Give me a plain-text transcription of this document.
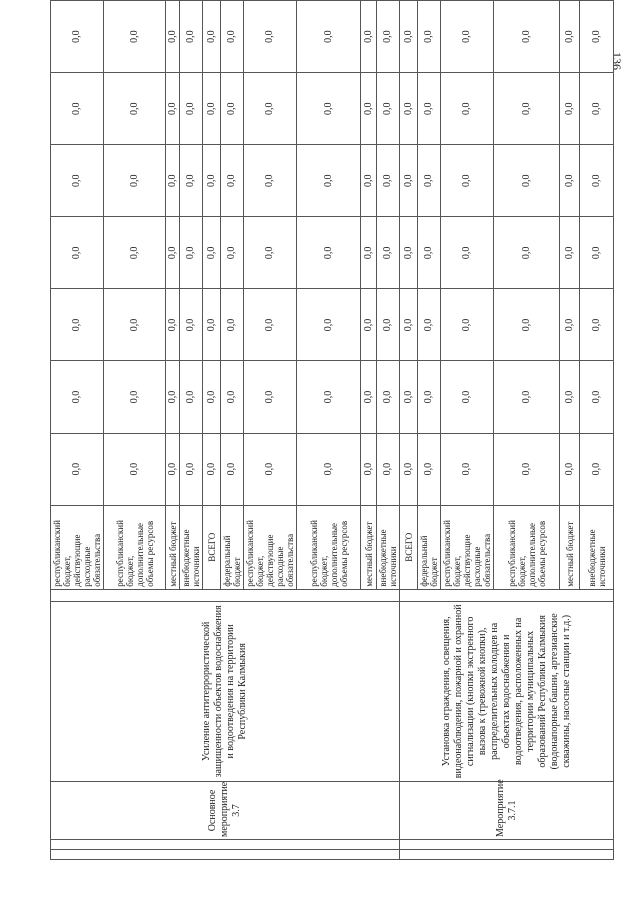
136
		Основное мероприятие 3.7	Усиление антитеррористической защищенности объектов водоснабжения и водоотведения на территории Республики Калмыкия		республиканский бюджет, действующие расходные обязательства	0,0	0,0	0,0	0,0	0,0	0,0	0,0
					республиканский бюджет, дополнительные объемы ресурсов	0,0	0,0	0,0	0,0	0,0	0,0	0,0
					местный бюджет	0,0	0,0	0,0	0,0	0,0	0,0	0,0
					внебюджетные источники	0,0	0,0	0,0	0,0	0,0	0,0	0,0
					ВСЕГО	0,0	0,0	0,0	0,0	0,0	0,0	0,0
					федеральный бюджет	0,0	0,0	0,0	0,0	0,0	0,0	0,0
					республиканский бюджет, действующие расходные обязательства	0,0	0,0	0,0	0,0	0,0	0,0	0,0
					республиканский бюджет, дополнительные объемы ресурсов	0,0	0,0	0,0	0,0	0,0	0,0	0,0
					местный бюджет	0,0	0,0	0,0	0,0	0,0	0,0	0,0
					внебюджетные источники	0,0	0,0	0,0	0,0	0,0	0,0	0,0
		Мероприятие 3.7.1	Установка ограждения, освещения, видеонаблюдения, пожарной и охранной сигнализации (кнопки экстренного вызова к (тревожной кнопки), распределительных колодцев на объектах водоснабжения и водоотведения, расположенных на территории муниципальных образований Республики Калмыкия (водонапорные башни, артезианские скважины, насосные станции и т.д.)		ВСЕГО	0,0	0,0	0,0	0,0	0,0	0,0	0,0
					федеральный бюджет	0,0	0,0	0,0	0,0	0,0	0,0	0,0
					республиканский бюджет, действующие расходные обязательства	0,0	0,0	0,0	0,0	0,0	0,0	0,0
					республиканский бюджет, дополнительные объемы ресурсов	0,0	0,0	0,0	0,0	0,0	0,0	0,0
					местный бюджет	0,0	0,0	0,0	0,0	0,0	0,0	0,0
					внебюджетные источники	0,0	0,0	0,0	0,0	0,0	0,0	0,0
